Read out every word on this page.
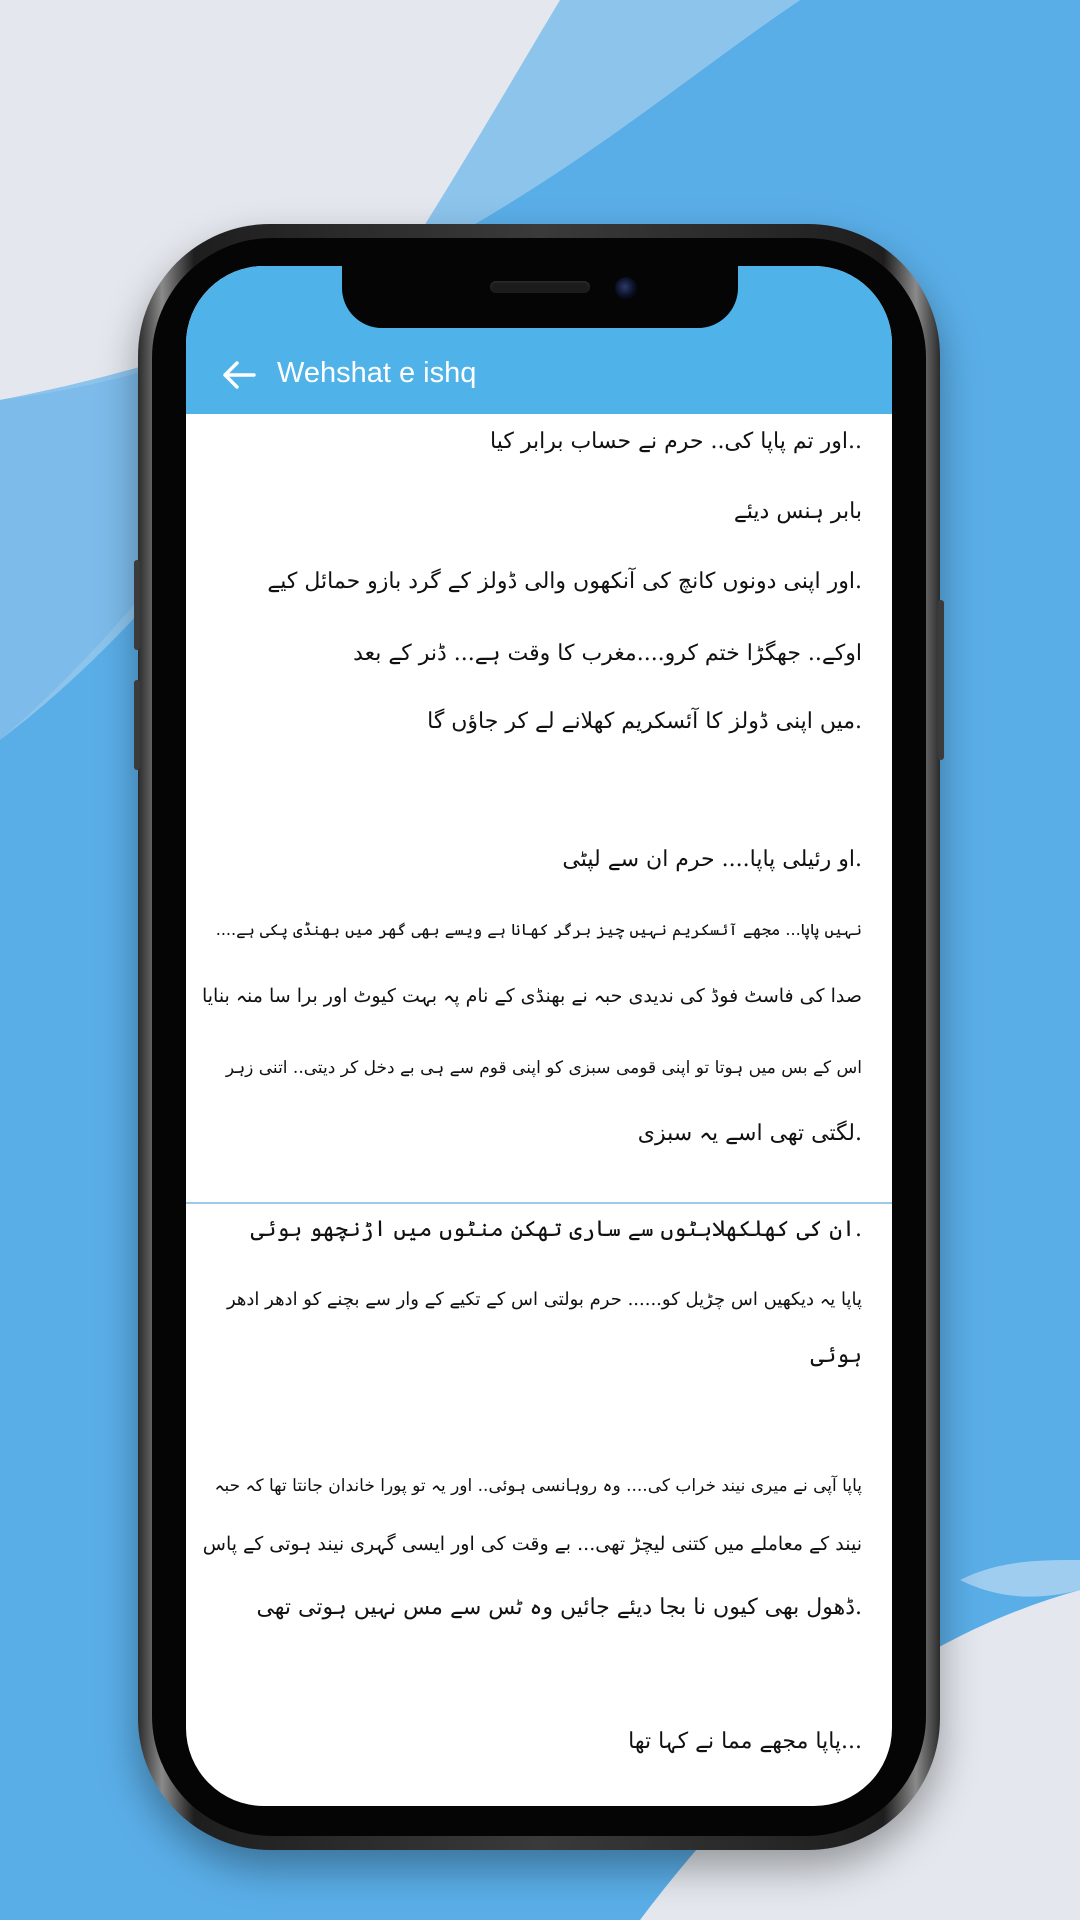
Wehshat e ishq
..اور تم پاپا کی.. حرم نے حساب برابر کیا
بابر ہنس دیئے
.اور اپنی دونوں کانچ کی آنکھوں والی ڈولز کے گرد بازو حمائل کیے
اوکے.. جھگڑا ختم کرو....مغرب کا وقت ہے... ڈنر کے بعد
.میں اپنی ڈولز کا آئسکریم کھلانے لے کر جاؤں گا
.او رئیلی پاپا.... حرم ان سے لپٹی
نہیں پاپا... مجھے آئسکریم نہیں چیز برگر کھانا ہے ویسے بھی گھر میں بھنڈی پکی ہے....
صدا کی فاسٹ فوڈ کی ندیدی حبہ نے بھنڈی کے نام پہ بہت کیوٹ اور برا سا منہ بنایا
اس کے بس میں ہوتا تو اپنی قومی سبزی کو اپنی قوم سے ہی بے دخل کر دیتی.. اتنی زہر
.لگتی تھی اسے یہ سبزی
.ان کی کھلکھلاہٹوں سے ساری تھکن منٹوں میں اڑنچھو ہوئی
پاپا یہ دیکھیں اس چڑیل کو...... حرم بولتی اس کے تکیے کے وار سے بچنے کو ادھر ادھر
ہوئی
پاپا آپی نے میری نیند خراب کی.... وہ روہانسی ہوئی.. اور یہ تو پورا خاندان جانتا تھا کہ حبہ
نیند کے معاملے میں کتنی لیچڑ تھی... بے وقت کی اور ایسی گہری نیند ہوتی کے پاس
.ڈھول بھی کیوں نا بجا دیئے جائیں وہ ٹس سے مس نہیں ہوتی تھی
...پاپا مجھے مما نے کہا تھا
